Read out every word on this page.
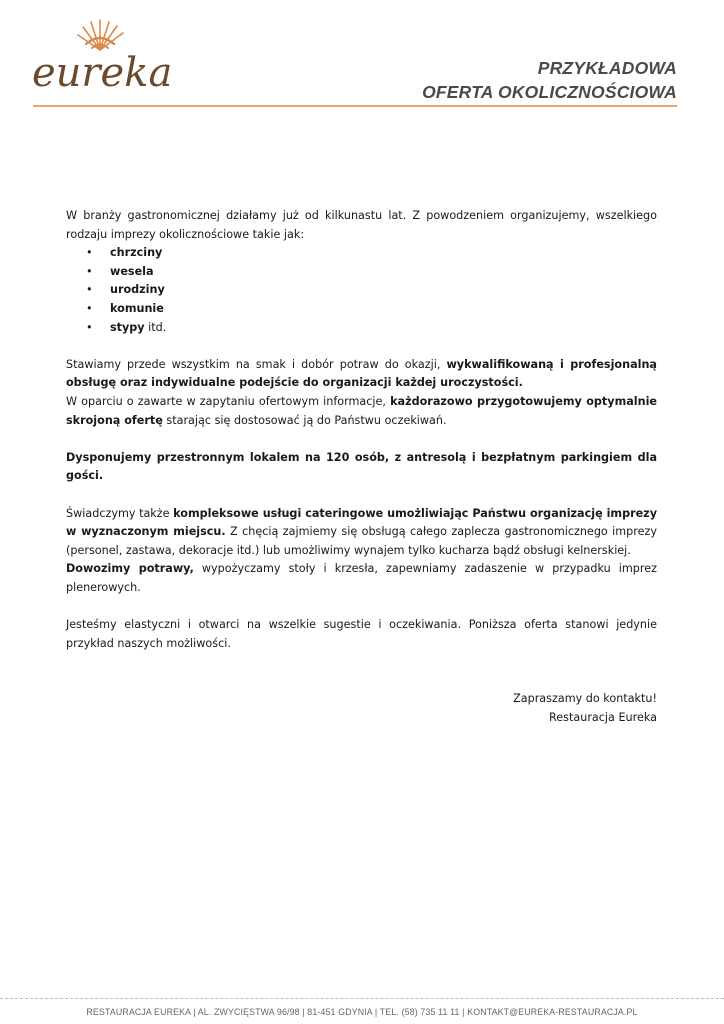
eureka	PRZYKŁADOWA
OFERTA OKOLICZNOŚCIOWA

W branży gastronomicznej działamy już od kilkunastu lat. Z powodzeniem organizujemy, wszelkiego rodzaju imprezy okolicznościowe takie jak:

• chrzciny
• wesela
• urodziny
• komunie
• stypy itd.

Stawiamy przede wszystkim na smak i dobór potraw do okazji, wykwalifikowaną i profesjonalną obsługę oraz indywidualne podejście do organizacji każdej uroczystości.

W oparciu o zawarte w zapytaniu ofertowym informacje, każdorazowo przygotowujemy optymalnie skrojoną ofertę starając się dostosować ją do Państwu oczekiwań.

Dysponujemy przestronnym lokalem na 120 osób, z antresolą i bezpłatnym parkingiem dla gości.

Świadczymy także kompleksowe usługi cateringowe umożliwiając Państwu organizację imprezy w wyznaczonym miejscu. Z chęcią zajmiemy się obsługą całego zaplecza gastronomicznego imprezy (personel, zastawa, dekoracje itd.) lub umożliwimy wynajem tylko kucharza bądź obsługi kelnerskiej.

Dowozimy potrawy, wypożyczamy stoły i krzesła, zapewniamy zadaszenie w przypadku imprez plenerowych.

Jesteśmy elastyczni i otwarci na wszelkie sugestie i oczekiwania. Poniższa oferta stanowi jedynie przykład naszych możliwości.

Zapraszamy do kontaktu!

Restauracja Eureka

RESTAURACJA EUREKA | AL. ZWYCIĘSTWA 96/98 | 81-451 GDYNIA | TEL. (58) 735 11 11 | KONTAKT@EUREKA-RESTAURACJA.PL
